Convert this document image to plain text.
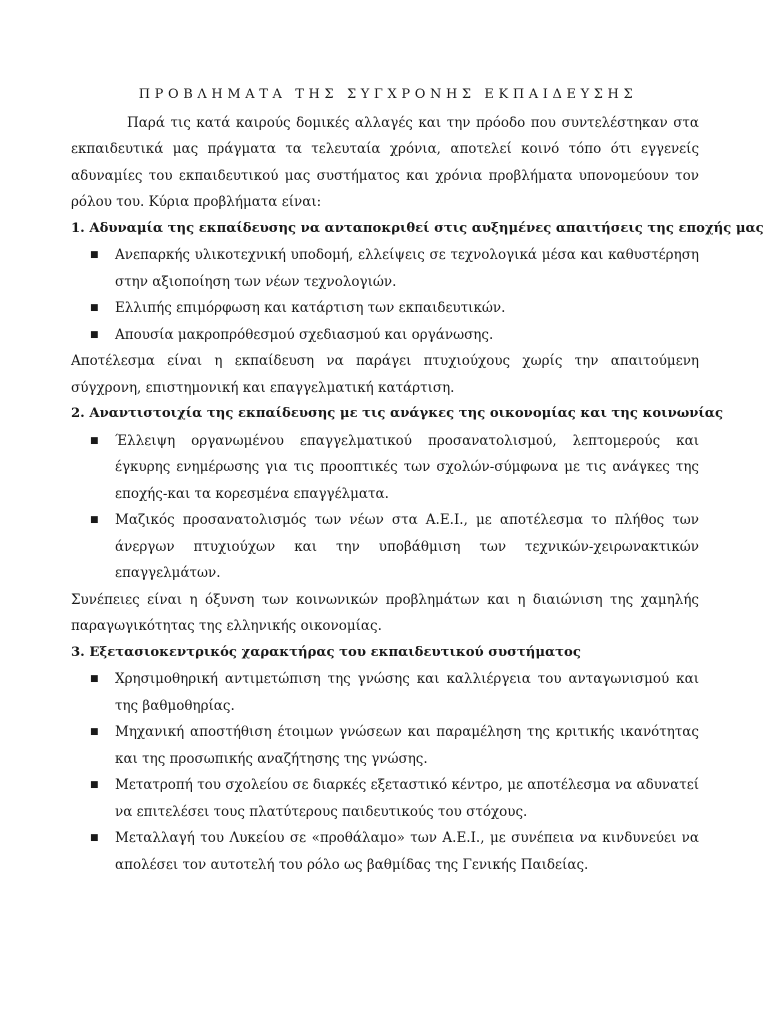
ΠΡΟΒΛΗΜΑΤΑ ΤΗΣ ΣΥΓΧΡΟΝΗΣ ΕΚΠΑΙΔΕΥΣΗΣ

Παρά τις κατά καιρούς δομικές αλλαγές και την πρόοδο που συντελέστηκαν στα εκπαιδευτικά μας πράγματα τα τελευταία χρόνια, αποτελεί κοινό τόπο ότι εγγενείς αδυναμίες του εκπαιδευτικού μας συστήματος και χρόνια προβλήματα υπονομεύουν τον ρόλου του. Κύρια προβλήματα είναι:

1. Αδυναμία της εκπαίδευσης να ανταποκριθεί στις αυξημένες απαιτήσεις της εποχής μας

■ Ανεπαρκής υλικοτεχνική υποδομή, ελλείψεις σε τεχνολογικά μέσα και καθυστέρηση στην αξιοποίηση των νέων τεχνολογιών.
■ Ελλιπής επιμόρφωση και κατάρτιση των εκπαιδευτικών.
■ Απουσία μακροπρόθεσμού σχεδιασμού και οργάνωσης.

Αποτέλεσμα είναι η εκπαίδευση να παράγει πτυχιούχους χωρίς την απαιτούμενη σύγχρονη, επιστημονική και επαγγελματική κατάρτιση.

2. Αναντιστοιχία της εκπαίδευσης με τις ανάγκες της οικονομίας και της κοινωνίας

■ Έλλειψη οργανωμένου επαγγελματικού προσανατολισμού, λεπτομερούς και έγκυρης ενημέρωσης για τις προοπτικές των σχολών-σύμφωνα με τις ανάγκες της εποχής-και τα κορεσμένα επαγγέλματα.
■ Μαζικός προσανατολισμός των νέων στα Α.Ε.Ι., με αποτέλεσμα το πλήθος των άνεργων πτυχιούχων και την υποβάθμιση των τεχνικών-χειρωνακτικών επαγγελμάτων.

Συνέπειες είναι η όξυνση των κοινωνικών προβλημάτων και η διαιώνιση της χαμηλής παραγωγικότητας της ελληνικής οικονομίας.

3. Εξετασιοκεντρικός χαρακτήρας του εκπαιδευτικού συστήματος

■ Χρησιμοθηρική αντιμετώπιση της γνώσης και καλλιέργεια του ανταγωνισμού και της βαθμοθηρίας.
■ Μηχανική αποστήθιση έτοιμων γνώσεων και παραμέληση της κριτικής ικανότητας και της προσωπικής αναζήτησης της γνώσης.
■ Μετατροπή του σχολείου σε διαρκές εξεταστικό κέντρο, με αποτέλεσμα να αδυνατεί να επιτελέσει τους πλατύτερους παιδευτικούς του στόχους.
■ Μεταλλαγή του Λυκείου σε «προθάλαμο» των Α.Ε.Ι., με συνέπεια να κινδυνεύει να απολέσει τον αυτοτελή του ρόλο ως βαθμίδας της Γενικής Παιδείας.
